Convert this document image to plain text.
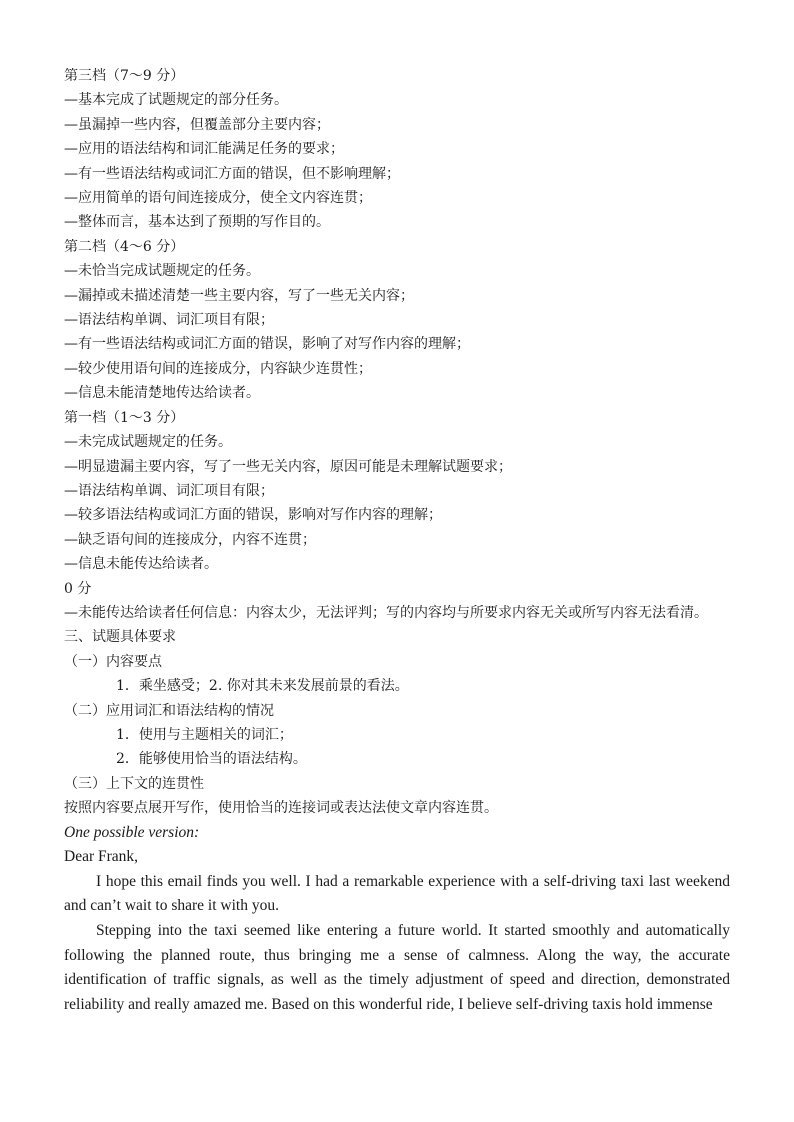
第三档（7～9 分）

—基本完成了试题规定的部分任务。

—虽漏掉一些内容，但覆盖部分主要内容；

—应用的语法结构和词汇能满足任务的要求；

—有一些语法结构或词汇方面的错误，但不影响理解；

—应用简单的语句间连接成分，使全文内容连贯；

—整体而言，基本达到了预期的写作目的。

第二档（4～6 分）

—未恰当完成试题规定的任务。

—漏掉或未描述清楚一些主要内容，写了一些无关内容；

—语法结构单调、词汇项目有限；

—有一些语法结构或词汇方面的错误，影响了对写作内容的理解；

—较少使用语句间的连接成分，内容缺少连贯性；

—信息未能清楚地传达给读者。

第一档（1～3 分）

—未完成试题规定的任务。

—明显遗漏主要内容，写了一些无关内容，原因可能是未理解试题要求；

—语法结构单调、词汇项目有限；

—较多语法结构或词汇方面的错误，影响对写作内容的理解；

—缺乏语句间的连接成分，内容不连贯；

—信息未能传达给读者。

0 分

—未能传达给读者任何信息：内容太少，无法评判；写的内容均与所要求内容无关或所写内容无法看清。

三、试题具体要求

（一）内容要点

1．乘坐感受；2. 你对其未来发展前景的看法。

（二）应用词汇和语法结构的情况

1．使用与主题相关的词汇；

2．能够使用恰当的语法结构。

（三）上下文的连贯性

按照内容要点展开写作，使用恰当的连接词或表达法使文章内容连贯。

One possible version:

Dear Frank,

I hope this email finds you well. I had a remarkable experience with a self-driving taxi last weekend and can’t wait to share it with you.

Stepping into the taxi seemed like entering a future world. It started smoothly and automatically following the planned route, thus bringing me a sense of calmness. Along the way, the accurate identification of traffic signals, as well as the timely adjustment of speed and direction, demonstrated reliability and really amazed me. Based on this wonderful ride, I believe self-driving taxis hold immense
